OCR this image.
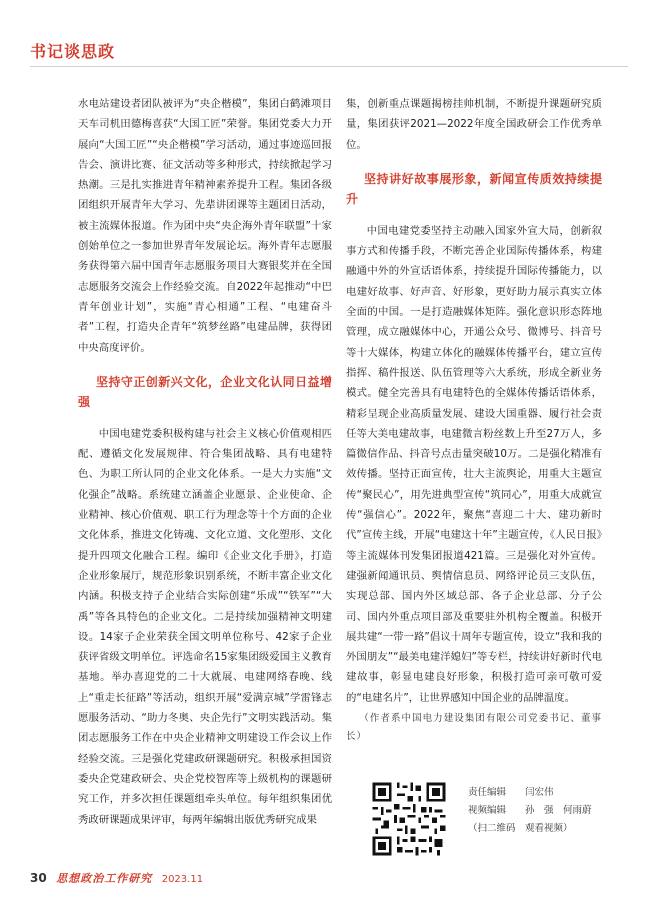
书记谈思政

水电站建设者团队被评为“央企楷模”，集团白鹤滩项目天车司机田德梅喜获“大国工匠”荣誉。集团党委大力开展向“大国工匠”“央企楷模”学习活动，通过事迹巡回报告会、演讲比赛、征文活动等多种形式，持续掀起学习热潮。三是扎实推进青年精神素养提升工程。集团各级团组织开展青年大学习、先辈讲团课等主题团日活动，被主流媒体报道。作为团中央“央企海外青年联盟”十家创始单位之一参加世界青年发展论坛。海外青年志愿服务获得第六届中国青年志愿服务项目大赛银奖并在全国志愿服务交流会上作经验交流。自2022年起推动“中巴青年创业计划”，实施“青心相通”工程、“电建奋斗者”工程，打造央企青年“筑梦丝路”电建品牌，获得团中央高度评价。

坚持守正创新兴文化，企业文化认同日益增强

中国电建党委积极构建与社会主义核心价值观相匹配、遵循文化发展规律、符合集团战略、具有电建特色、为职工所认同的企业文化体系。一是大力实施“文化强企”战略。系统建立涵盖企业愿景、企业使命、企业精神、核心价值观、职工行为理念等十个方面的企业文化体系，推进文化铸魂、文化立道、文化塑形、文化提升四项文化融合工程。编印《企业文化手册》，打造企业形象展厅，规范形象识别系统，不断丰富企业文化内涵。积极支持子企业结合实际创建“乐成”“铁军”“大禹”等各具特色的企业文化。二是持续加强精神文明建设。14家子企业荣获全国文明单位称号、42家子企业获评省级文明单位。评选命名15家集团级爱国主义教育基地。举办喜迎党的二十大就展、电建网络春晚、线上“重走长征路”等活动，组织开展“爱满京城”学雷锋志愿服务活动、“助力冬奥、央企先行”文明实践活动。集团志愿服务工作在中央企业精神文明建设工作会议上作经验交流。三是强化党建政研课题研究。积极承担国资委央企党建政研会、央企党校智库等上级机构的课题研究工作，并多次担任课题组牵头单位。每年组织集团优秀政研课题成果评审，每两年编辑出版优秀研究成果

集，创新重点课题揭榜挂帅机制，不断提升课题研究质量，集团获评2021—2022年度全国政研会工作优秀单位。

坚持讲好故事展形象，新闻宣传质效持续提升

中国电建党委坚持主动融入国家外宣大局，创新叙事方式和传播手段，不断完善企业国际传播体系，构建融通中外的外宣话语体系，持续提升国际传播能力，以电建好故事、好声音、好形象，更好助力展示真实立体全面的中国。一是打造融媒体矩阵。强化意识形态阵地管理，成立融媒体中心，开通公众号、微博号、抖音号等十大媒体，构建立体化的融媒体传播平台，建立宣传指挥、稿件报送、队伍管理等六大系统，形成全新业务模式。健全完善具有电建特色的全媒体传播话语体系，精彩呈现企业高质量发展、建设大国重器、履行社会责任等大美电建故事，电建微言粉丝数上升至27万人，多篇微信作品、抖音号点击量突破10万。二是强化精准有效传播。坚持正面宣传，壮大主流舆论，用重大主题宣传“聚民心”，用先进典型宣传“筑同心”，用重大成就宣传“强信心”。2022年，聚焦“喜迎二十大、建功新时代”宣传主线，开展“电建这十年”主题宣传，《人民日报》等主流媒体刊发集团报道421篇。三是强化对外宣传。建强新闻通讯员、舆情信息员、网络评论员三支队伍，实现总部、国内外区域总部、各子企业总部、分子公司、国内外重点项目部及重要驻外机构全覆盖。积极开展共建“一带一路”倡议十周年专题宣传，设立“我和我的外国朋友”“最美电建洋媳妇”等专栏，持续讲好新时代电建故事，彰显电建良好形象，积极打造可亲可敬可爱的“电建名片”，让世界感知中国企业的品牌温度。

（作者系中国电力建设集团有限公司党委书记、董事长）

责任编辑 闫宏伟
视频编辑 孙　强　何雨蔚
（扫二维码　观看视频）
30 思想政治工作研究 2023.11
